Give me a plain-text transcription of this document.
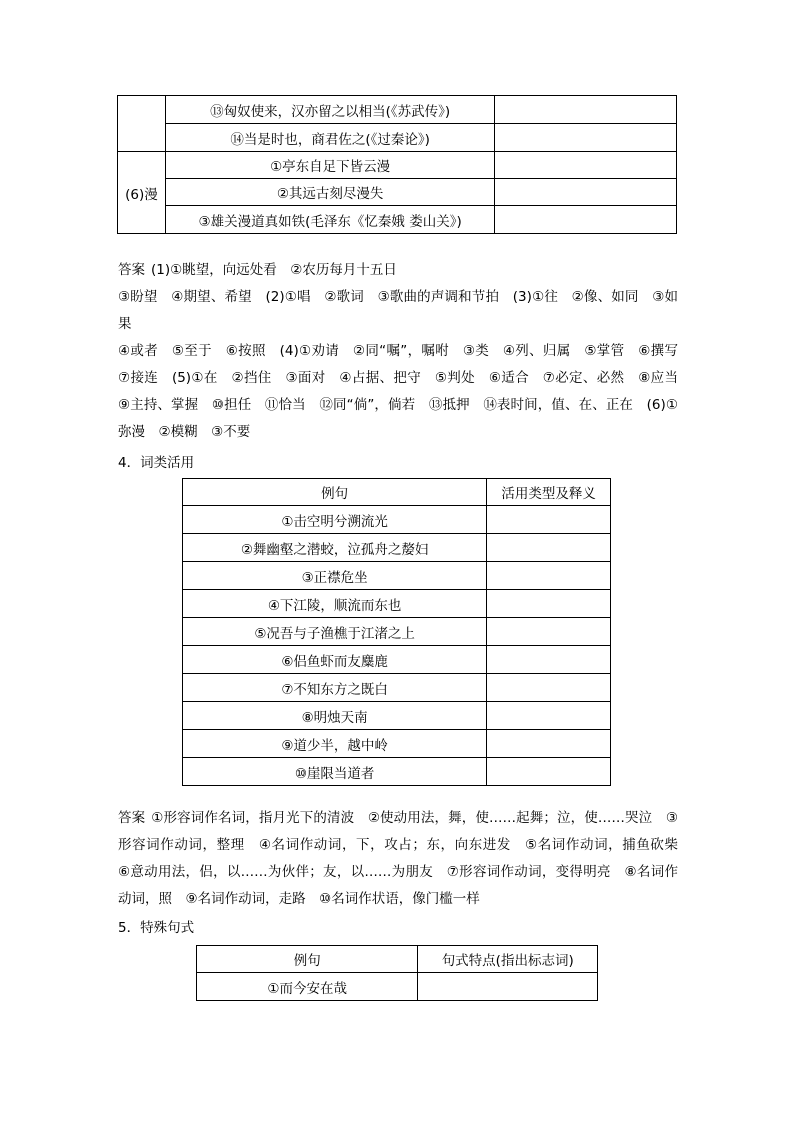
	⑬匈奴使来，汉亦留之以相当(《苏武传》)	
	⑭当是时也，商君佐之(《过秦论》)	
(6)漫	①亭东自足下皆云漫	
	②其远古刻尽漫失	
	③雄关漫道真如铁(毛泽东《忆秦娥 娄山关》)	

答案 (1)①眺望，向远处看　②农历每月十五日

③盼望　④期望、希望　(2)①唱　②歌词　③歌曲的声调和节拍　(3)①往　②像、如同　③如果

④或者　⑤至于　⑥按照　(4)①劝请　②同“嘱”，嘱咐　③类　④列、归属　⑤掌管　⑥撰写　⑦接连　(5)①在　②挡住　③面对　④占据、把守　⑤判处　⑥适合　⑦必定、必然　⑧应当　⑨主持、掌握　⑩担任　⑪恰当　⑫同“倘”，倘若　⑬抵押　⑭表时间，值、在、正在　(6)①弥漫　②模糊　③不要

4．词类活用
例句	活用类型及释义
①击空明兮溯流光	
②舞幽壑之潜蛟，泣孤舟之嫠妇	
③正襟危坐	
④下江陵，顺流而东也	
⑤况吾与子渔樵于江渚之上	
⑥侣鱼虾而友麋鹿	
⑦不知东方之既白	
⑧明烛天南	
⑨道少半，越中岭	
⑩崖限当道者	

答案 ①形容词作名词，指月光下的清波　②使动用法，舞，使……起舞；泣，使……哭泣　③形容词作动词，整理　④名词作动词，下，攻占；东，向东进发　⑤名词作动词，捕鱼砍柴　⑥意动用法，侣，以……为伙伴；友，以……为朋友　⑦形容词作动词，变得明亮　⑧名词作动词，照　⑨名词作动词，走路　⑩名词作状语，像门槛一样

5．特殊句式
例句	句式特点(指出标志词)
①而今安在哉	
